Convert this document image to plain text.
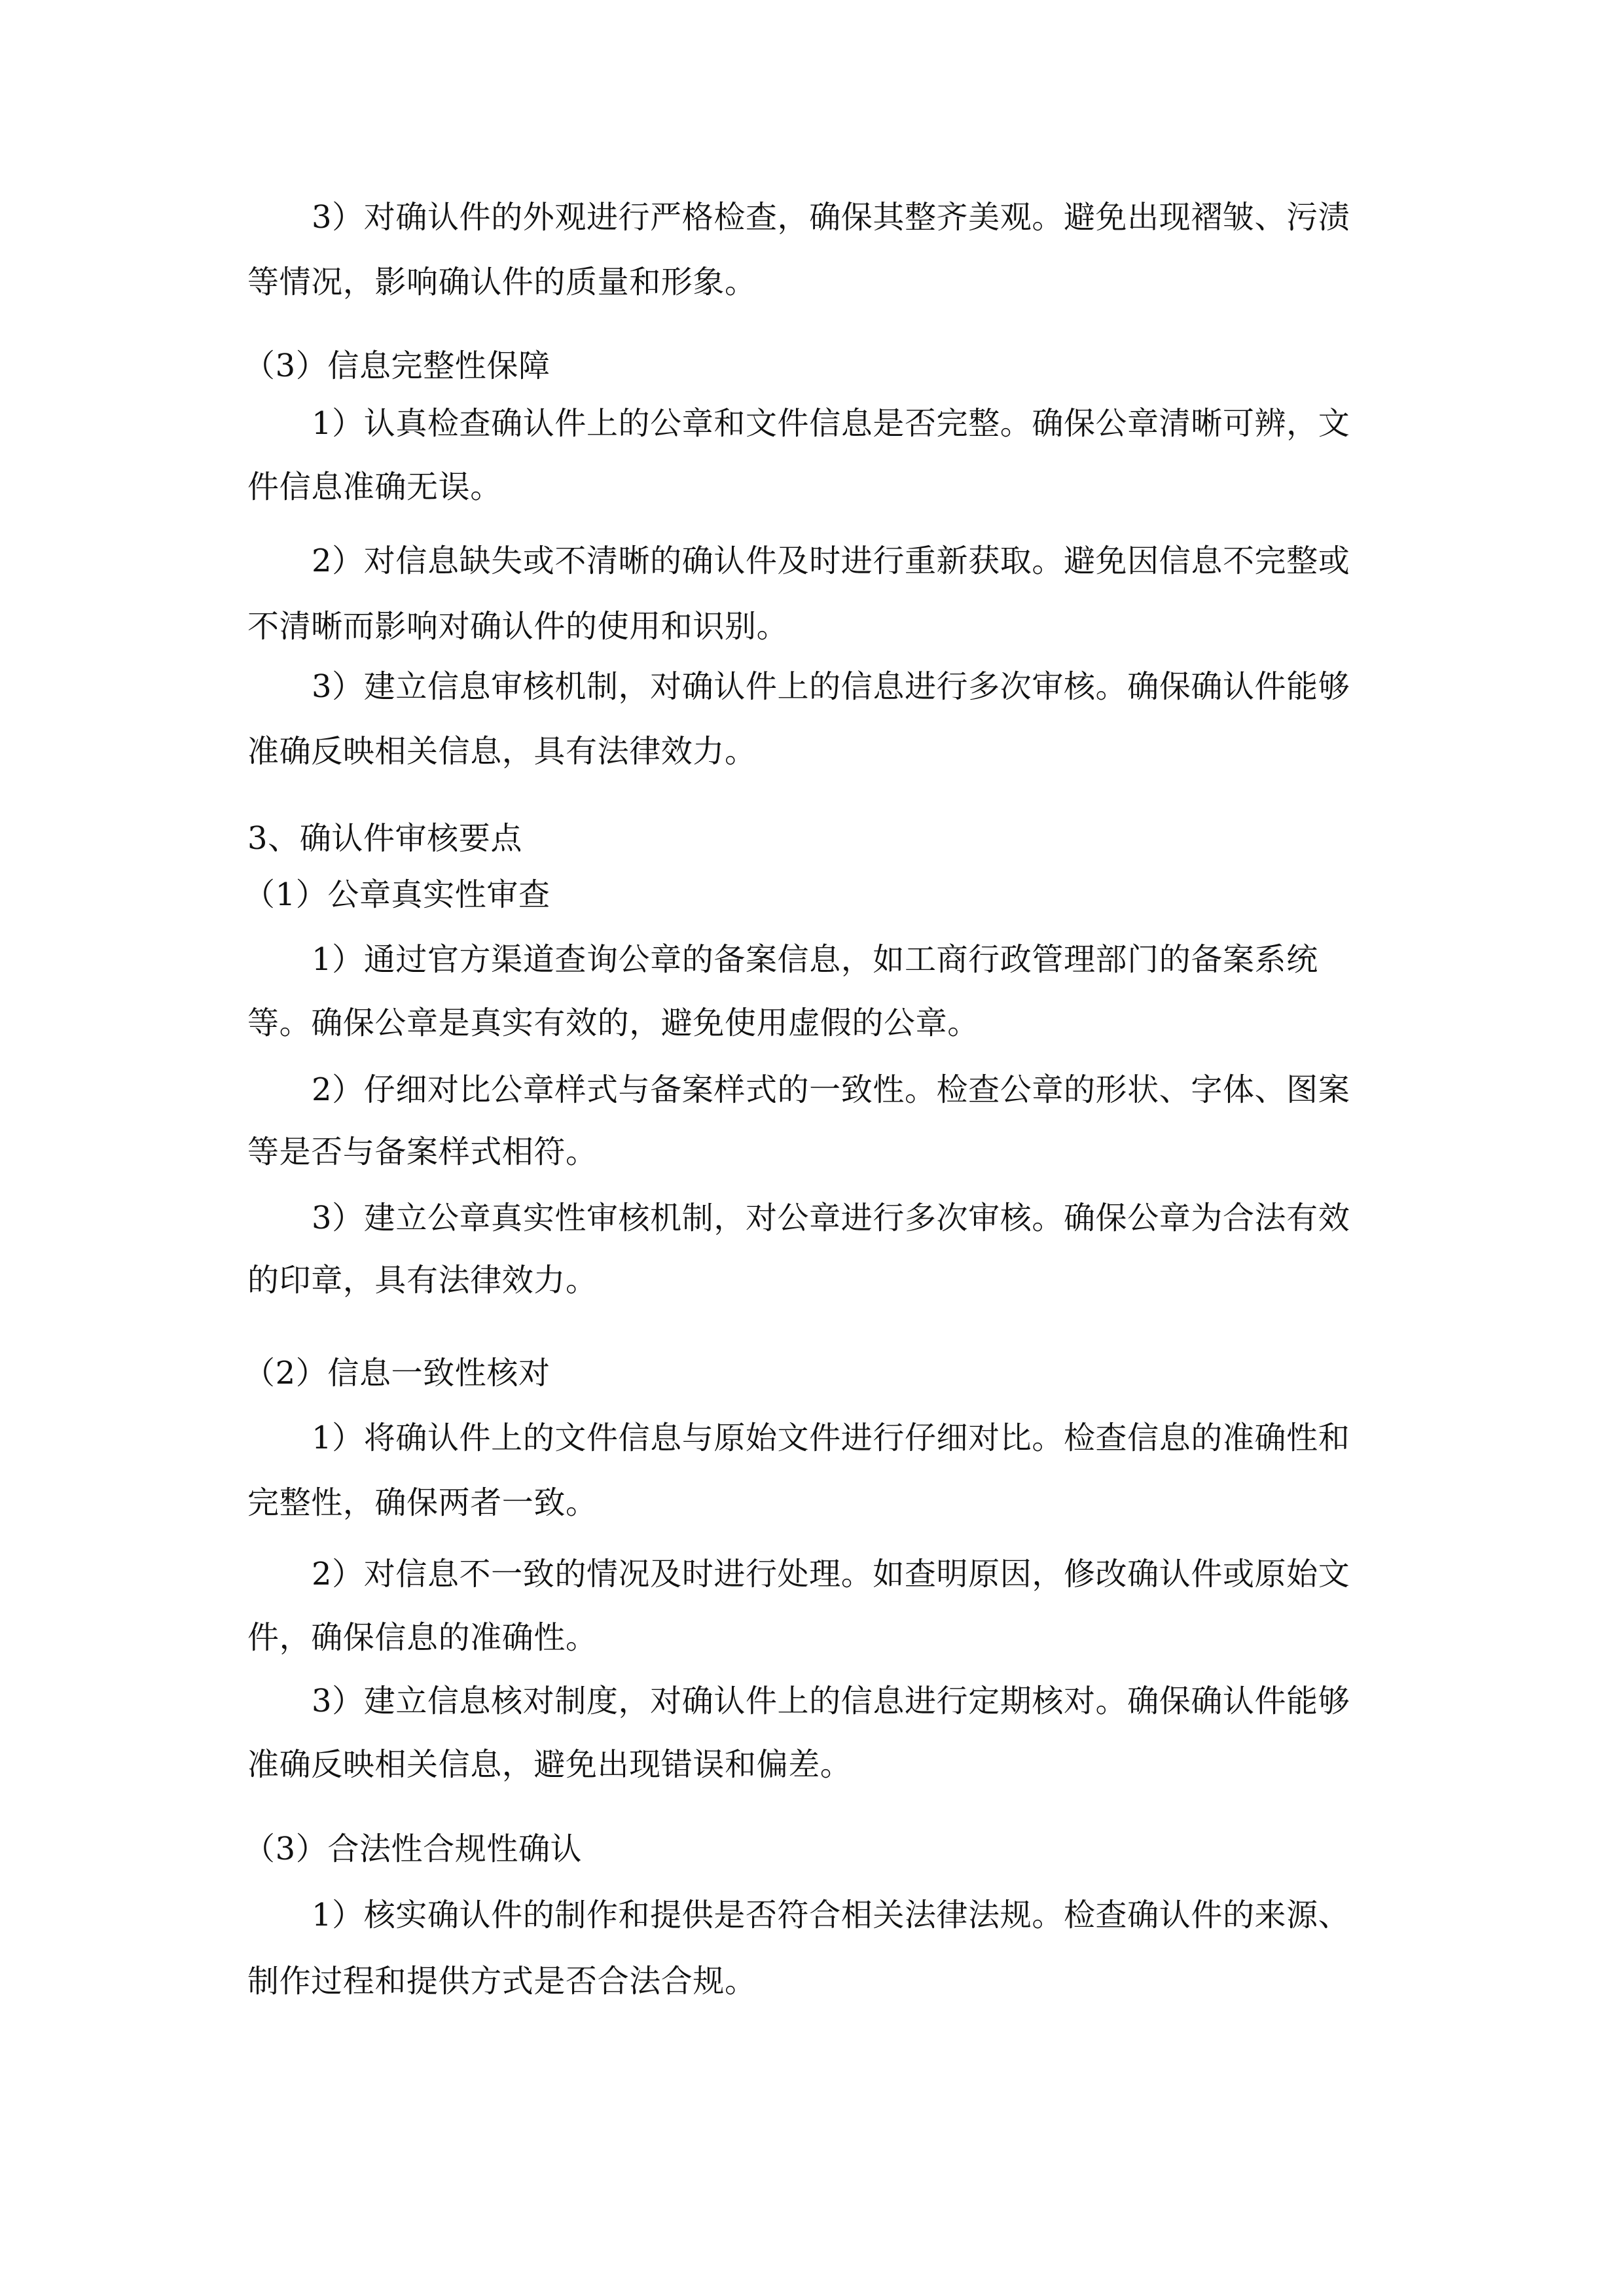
3）对确认件的外观进行严格检查，确保其整齐美观。避免出现褶皱、污渍
等情况，影响确认件的质量和形象。
（3）信息完整性保障
1）认真检查确认件上的公章和文件信息是否完整。确保公章清晰可辨，文
件信息准确无误。
2）对信息缺失或不清晰的确认件及时进行重新获取。避免因信息不完整或
不清晰而影响对确认件的使用和识别。
3）建立信息审核机制，对确认件上的信息进行多次审核。确保确认件能够
准确反映相关信息，具有法律效力。
3、确认件审核要点
（1）公章真实性审查
1）通过官方渠道查询公章的备案信息，如工商行政管理部门的备案系统
等。确保公章是真实有效的，避免使用虚假的公章。
2）仔细对比公章样式与备案样式的一致性。检查公章的形状、字体、图案
等是否与备案样式相符。
3）建立公章真实性审核机制，对公章进行多次审核。确保公章为合法有效
的印章，具有法律效力。
（2）信息一致性核对
1）将确认件上的文件信息与原始文件进行仔细对比。检查信息的准确性和
完整性，确保两者一致。
2）对信息不一致的情况及时进行处理。如查明原因，修改确认件或原始文
件，确保信息的准确性。
3）建立信息核对制度，对确认件上的信息进行定期核对。确保确认件能够
准确反映相关信息，避免出现错误和偏差。
（3）合法性合规性确认
1）核实确认件的制作和提供是否符合相关法律法规。检查确认件的来源、
制作过程和提供方式是否合法合规。
